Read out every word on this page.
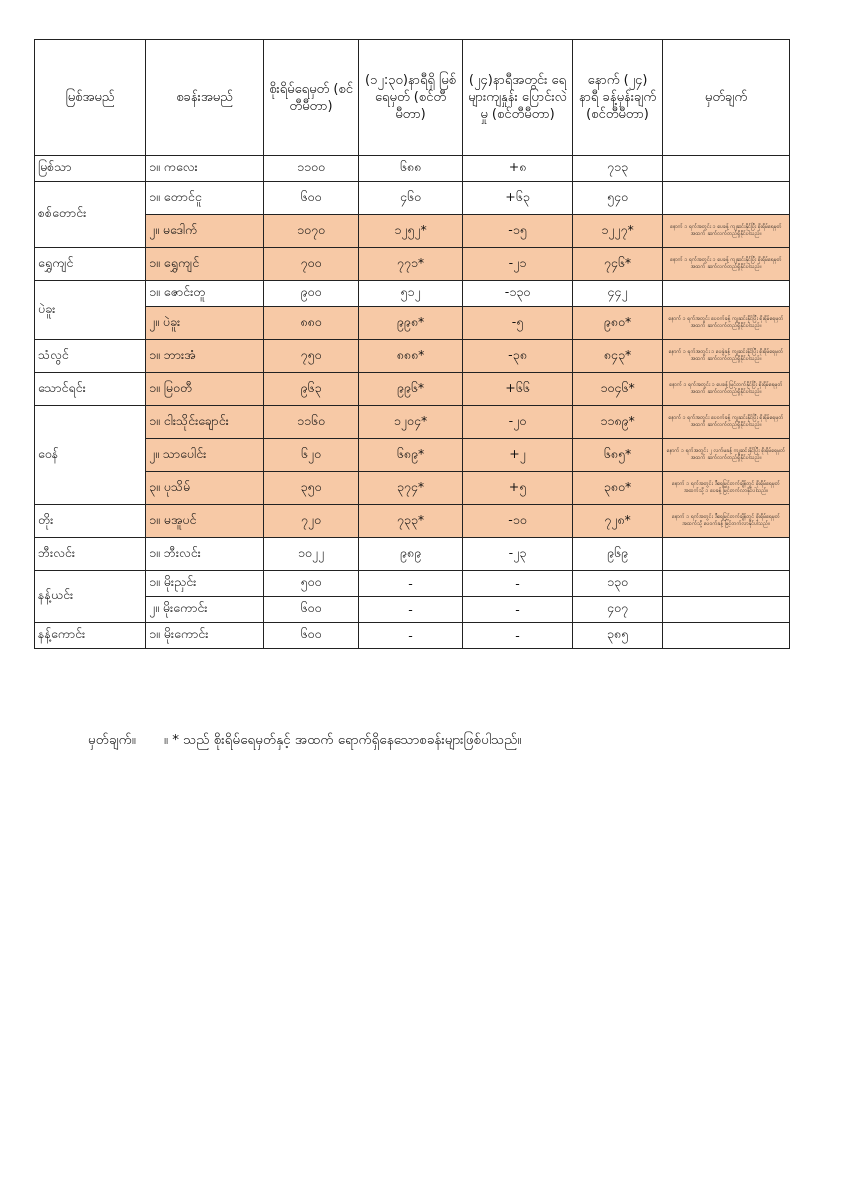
မြစ်အမည်	စခန်းအမည်	စိုးရိမ်ရေမှတ် (စင်တီမီတာ)	(၁၂:၃၀)နာရီရှိ မြစ်ရေမှတ် (စင်တီမီတာ)	(၂၄)နာရီအတွင်း ရေများကျနှုန်း ပြောင်းလဲမှု (စင်တီမီတာ)	နောက် (၂၄) နာရီ ခန့်မှန်းချက် (စင်တီမီတာ)	မှတ်ချက်
မြစ်သာ	၁။ ကလေး	၁၁၀၀	၆၈၈	+၈	၇၁၃	
စစ်တောင်း	၁။ တောင်ငူ	၆၀၀	၄၆၀	+၆၃	၅၄၀	
	၂။ မဒေါက်	၁၀၇၀	၁၂၅၂*	-၁၅	၁၂၂၇*	နောက် ၁ ရက်အတွင်း ၁ ပေခန့် ကျဆင်းနိုင်ပြီး စိုးရိမ်ရေမှတ်အထက် ဆက်လက်တည်ရှိနိုင်ပါသည်။
ရွှေကျင်	၁။ ရွှေကျင်	၇၀၀	၇၇၁*	-၂၁	၇၄၆*	နောက် ၁ ရက်အတွင်း ၁ ပေခန့် ကျဆင်းနိုင်ပြီး စိုးရိမ်ရေမှတ်အထက် ဆက်လက်တည်ရှိနိုင်ပါသည်။
ပဲခူး	၁။ ဇောင်းတူ	၉၀၀	၅၁၂	-၁၃၀	၄၄၂	
	၂။ ပဲခူး	၈၈၀	၉၉၈*	-၅	၉၈၀*	နောက် ၁ ရက်အတွင်း ပေဝက်ခန့် ကျဆင်းနိုင်ပြီး စိုးရိမ်ရေမှတ်အထက် ဆက်လက်တည်ရှိနိုင်ပါသည်။
သံလွင်	၁။ ဘားအံ	၇၅၀	၈၈၈*	-၃၈	၈၄၃*	နောက် ၁ ရက်အတွင်း ၁ ပေခွဲခန့် ကျဆင်းနိုင်ပြီး စိုးရိမ်ရေမှတ်အထက် ဆက်လက်တည်ရှိနိုင်ပါသည်။
သောင်ရင်း	၁။ မြဝတီ	၉၆၃	၉၉၆*	+၆၆	၁၀၄၆*	နောက် ၁ ရက်အတွင်း ၁ ပေခန့် မြင့်တက်နိုင်ပြီး စိုးရိမ်ရေမှတ်အထက် ဆက်လက်တည်ရှိနိုင်ပါသည်။
ဝေန်	၁။ ငါးသိုင်းချောင်း	၁၁၆၀	၁၂၀၄*	-၂၀	၁၁၈၉*	နောက် ၁ ရက်အတွင်း ပေဝက်ခန့် ကျဆင်းနိုင်ပြီး စိုးရိမ်ရေမှတ်အထက် ဆက်လက်တည်ရှိနိုင်ပါသည်။
	၂။ သာပေါင်း	၆၂၀	၆၈၉*	+၂	၆၈၅*	နောက် ၁ ရက်အတွင်း ၂ လက်မခန့် ကျဆင်းနိုင်ပြီး စိုးရိမ်ရေမှတ်အထက် ဆက်လက်တည်ရှိနိုင်ပါသည်။
	၃။ ပုသိမ်	၃၅၀	၃၇၄*	+၅	၃၈၀*	နောက် ၁ ရက်အတွင်း ဒီရေမြင့်တက်ချိန်တွင် စိုးရိမ်ရေမှတ်အထက်သို့ ၁ ပေခန့် မြင့်တက်လာနိုင်ပါသည်။
တိုး	၁။ မအူပင်	၇၂၀	၇၃၃*	-၁၀	၇၂၈*	နောက် ၁ ရက်အတွင်း ဒီရေမြင့်တက်ချိန်တွင် စိုးရိမ်ရေမှတ်အထက်သို့ ပေဝက်ခန့် မြင့်တက်လာနိုင်ပါသည်။
ဘီးလင်း	၁။ ဘီးလင်း	၁၀၂၂	၉၈၉	-၂၃	၉၆၉	
နန့်ယင်း	၁။ မိုးညှင်း	၅၀၀	-	-	၁၃၀	
	၂။ မိုးကောင်း	၆၀၀	-	-	၄၀၇	
နန့်ကောင်း	၁။ မိုးကောင်း	၆၀၀	-	-	၃၈၅	
မှတ်ချက်။ ။ * သည် စိုးရိမ်ရေမှတ်နှင့် အထက် ရောက်ရှိနေသောစခန်းများဖြစ်ပါသည်။
